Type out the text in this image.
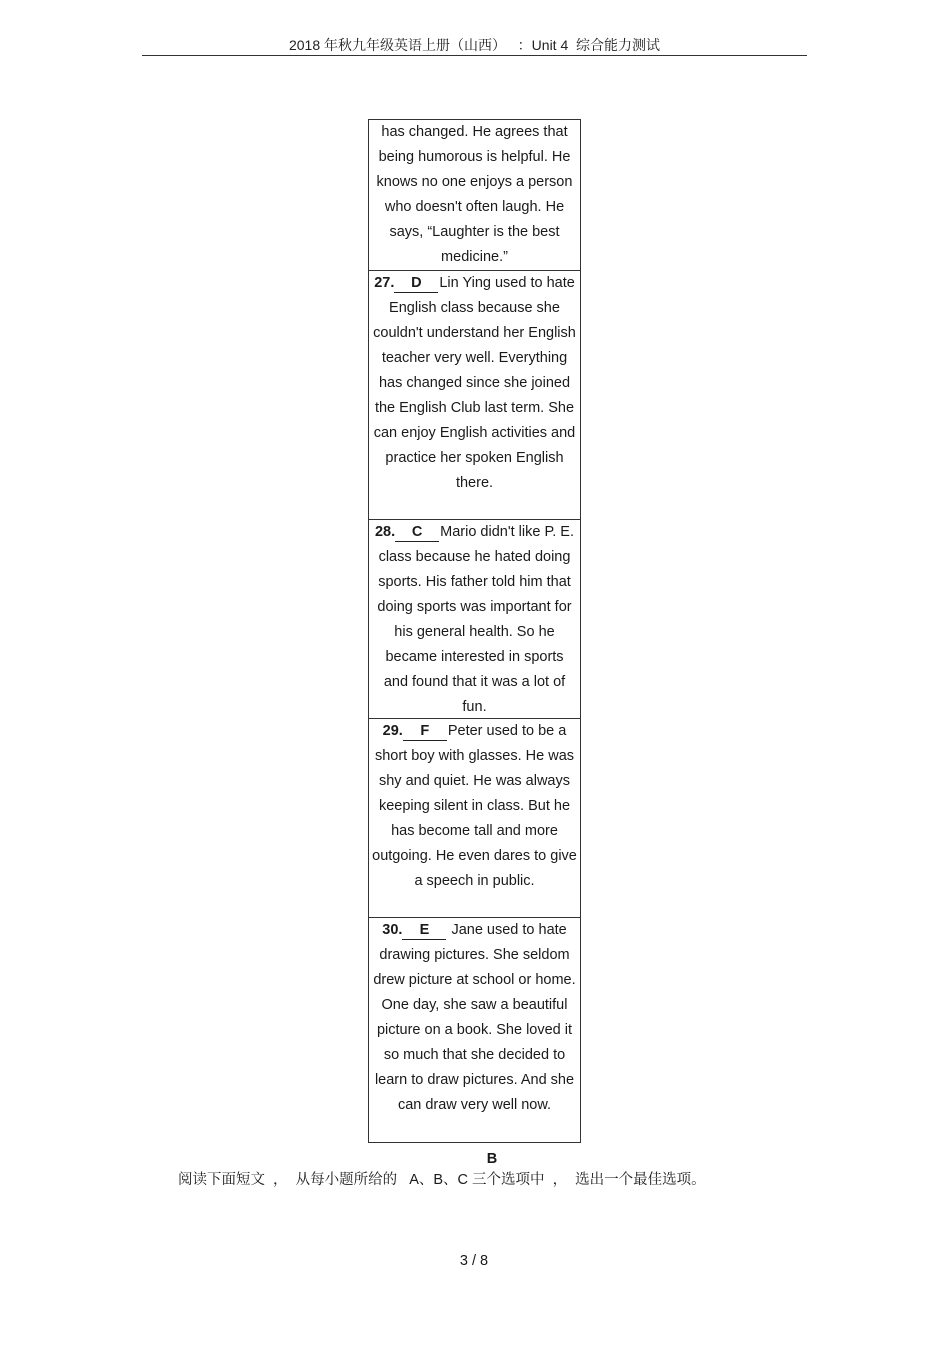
2018 年秋九年级英语上册（山西）   ：Unit 4  综合能力测试
has changed. He agrees that being humorous is helpful. He knows no one enjoys a person who doesn't often laugh. He says, “Laughter is the best medicine.”
27. D Lin Ying used to hate English class because she couldn't understand her English teacher very well. Everything has changed since she joined the English Club last term. She can enjoy English activities and practice her spoken English there.
28. C Mario didn't like P. E. class because he hated doing sports. His father told him that doing sports was important for his general health. So he became interested in sports and found that it was a lot of fun.
29. F Peter used to be a short boy with glasses. He was shy and quiet. He was always keeping silent in class. But he has become tall and more outgoing. He even dares to give a speech in public.
30. E Jane used to hate drawing pictures. She seldom drew picture at school or home. One day, she saw a beautiful picture on a book. She loved it so much that she decided to learn to draw pictures. And she can draw very well now.
B
阅读下面短文  ，  从每小题所给的   A、B、C 三个选项中  ，  选出一个最佳选项。
3 / 8
